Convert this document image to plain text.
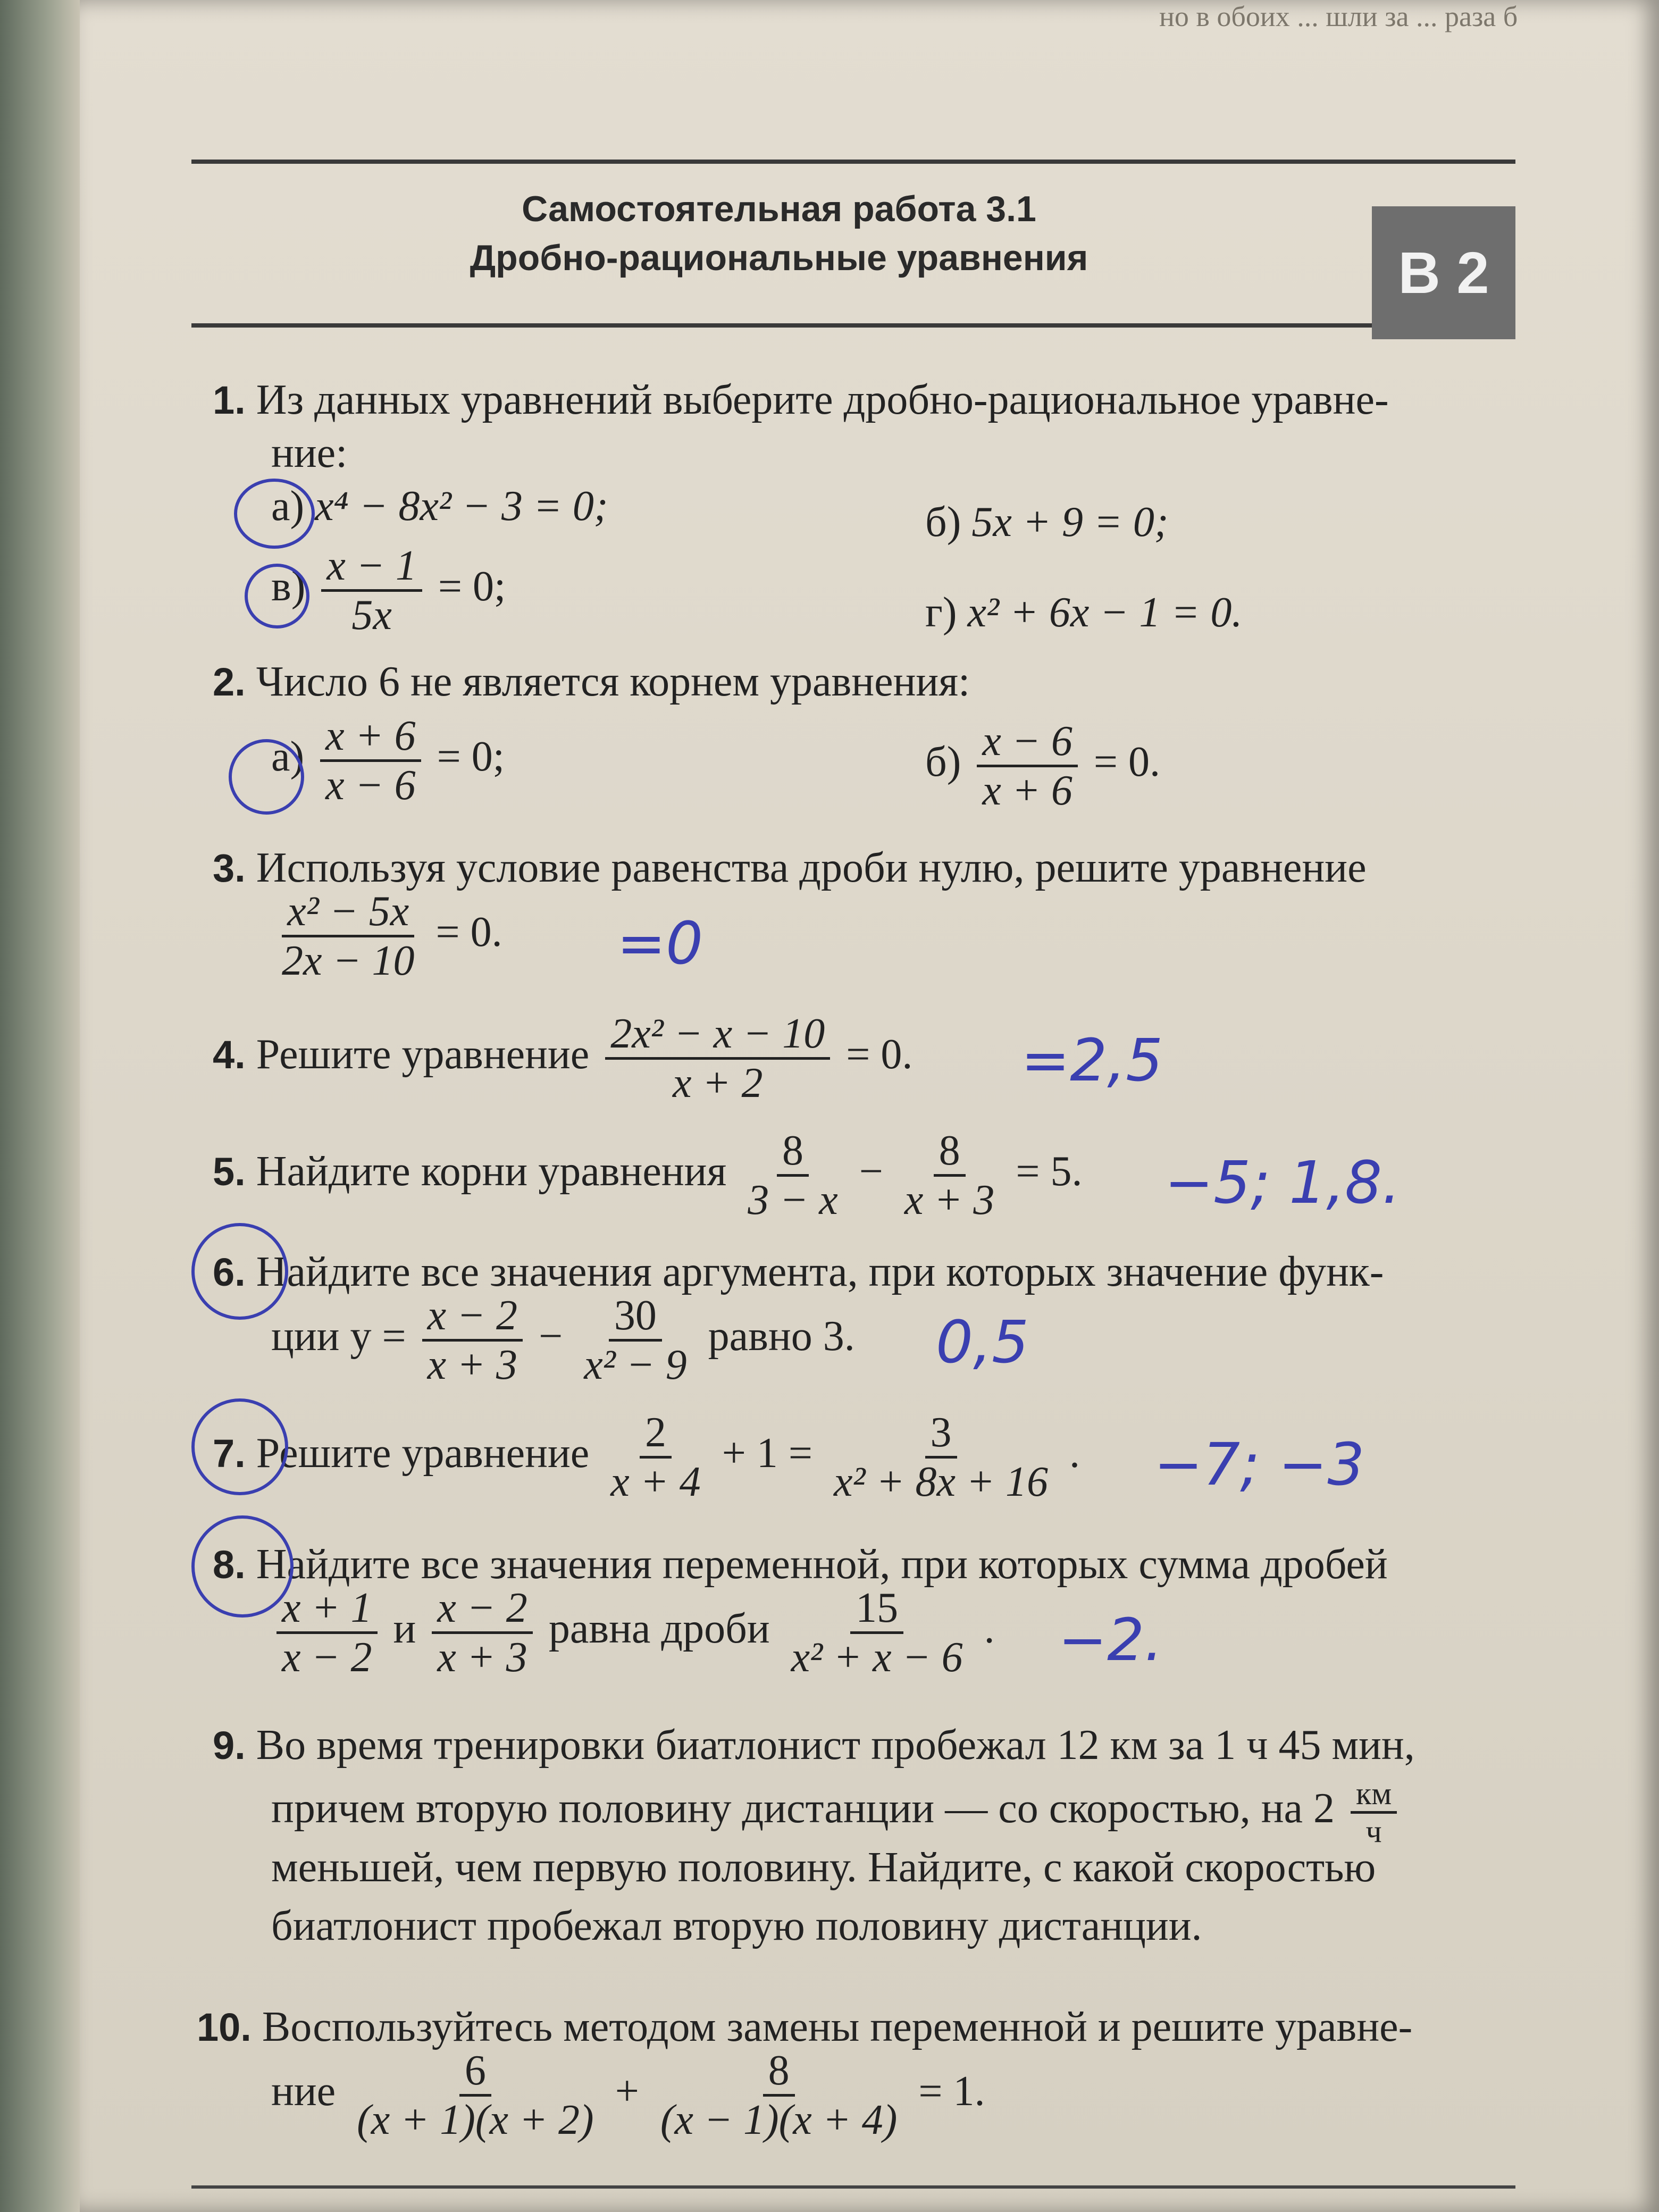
но в обоих ... шли за ... раза б
Самостоятельная работа 3.1
Дробно-рациональные уравнения	В 2
1. Из данных уравнений выберите дробно-рациональное уравне-
ние:
а) x⁴ − 8x² − 3 = 0;	б) 5x + 9 = 0;
$в) \frac{x - 1}{5x} = 0$;
г) x² + 6x − 1 = 0.
2. Число 6 не является корнем уравнения:
$а) \frac{x + 6}{x - 6} = 0$;	$б) \frac{x - 6}{x + 6} = 0$.
3. Используя условие равенства дроби нулю, решите уравнение
$\frac{\text{x² − 5x}}{2x - 10} = 0$. =0
4. Решите уравнение $\frac{\text{2x² − x − 10}}{x + 2} = 0$. =2,5
5. Найдите корни уравнения $\frac{8}{3 - x} - \frac{8}{x + 3} = 5$. −5; 1,8.
6. Найдите все значения аргумента, при которых значение функ-
ции $y = \frac{x - 2}{x + 3} - \frac{30}{\text{x² − 9}}$ равно 3. 0,5
7. Решите уравнение $\frac{2}{x + 4} + 1 = \frac{3}{\text{x² + 8x + 16}}$ . −7; −3
8. Найдите все значения переменной, при которых сумма дробей
$\frac{x + 1}{x - 2}$ и $\frac{x - 2}{x + 3}$ равна дроби $\frac{15}{\text{x² + x − 6}}$ . −2.
9. Во время тренировки биатлонист пробежал 12 км за 1 ч 45 мин,
причем вторую половину дистанции — со скоростью, на $2 \frac{км}{ч}$
меньшей, чем первую половину. Найдите, с какой скоростью
биатлонист пробежал вторую половину дистанции.
10. Воспользуйтесь методом замены переменной и решите уравне-
ние $\frac{6}{(x + 1)(x + 2)} + \frac{8}{(x - 1)(x + 4)} = 1$.
